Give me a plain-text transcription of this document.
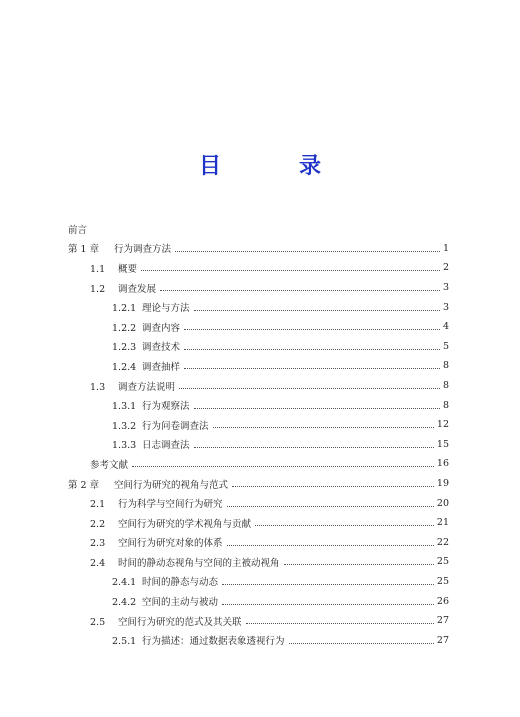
目　录
前言
第 1 章 行为调查方法	1
1.1 概要	2
1.2 调查发展	3
1.2.1 理论与方法	3
1.2.2 调查内容	4
1.2.3 调查技术	5
1.2.4 调查抽样	8
1.3 调查方法说明	8
1.3.1 行为观察法	8
1.3.2 行为问卷调查法	12
1.3.3 日志调查法	15
参考文献	16
第 2 章 空间行为研究的视角与范式	19
2.1 行为科学与空间行为研究	20
2.2 空间行为研究的学术视角与贡献	21
2.3 空间行为研究对象的体系	22
2.4 时间的静动态视角与空间的主被动视角	25
2.4.1 时间的静态与动态	25
2.4.2 空间的主动与被动	26
2.5 空间行为研究的范式及其关联	27
2.5.1 行为描述：通过数据表象透视行为	27
